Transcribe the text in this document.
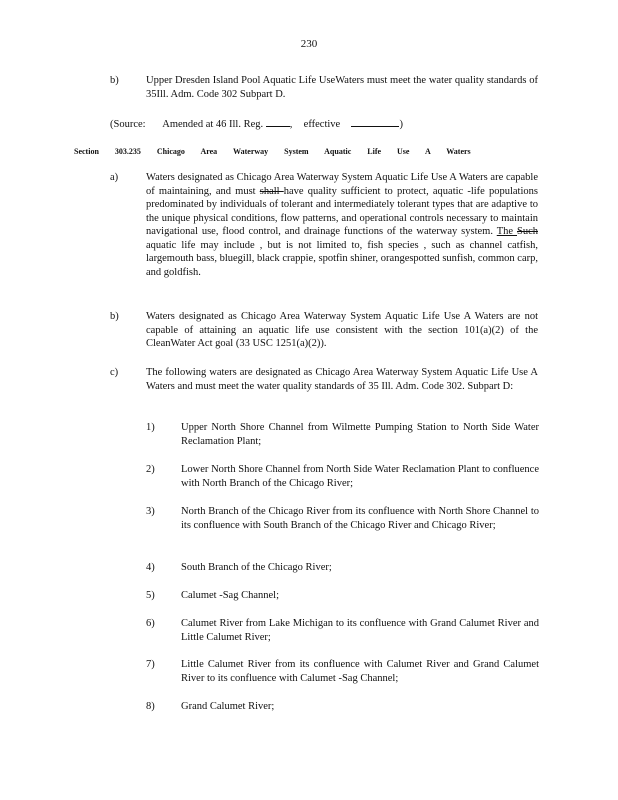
230
b)	Upper Dresden Island Pool Aquatic Life UseWaters must meet the water quality standards of 35Ill. Adm. Code 302 Subpart D.
(Source: Amended at 46 Ill. Reg.	, effective	)
Section 303.235 Chicago Area Waterway System Aquatic Life Use A Waters
a)	Waters designated as Chicago Area Waterway System Aquatic Life Use A Waters are capable of maintaining, and must shall have quality sufficient to protect, aquatic -life populations predominated by individuals of tolerant and intermediately tolerant types that are adaptive to the unique physical conditions, flow patterns, and operational controls necessary to maintain navigational use, flood control, and drainage functions of the waterway system. The Such aquatic life may include , but is not limited to, fish species , such as channel catfish, largemouth bass, bluegill, black crappie, spotfin shiner, orangespotted sunfish, common carp, and goldfish.
b)	Waters designated as Chicago Area Waterway System Aquatic Life Use A Waters are not capable of attaining an aquatic life use consistent with the section 101(a)(2) of the CleanWater Act goal (33 USC 1251(a)(2)).
c)	The following waters are designated as Chicago Area Waterway System Aquatic Life Use A Waters and must meet the water quality standards of 35 Ill. Adm. Code 302. Subpart D:
1)	Upper North Shore Channel from Wilmette Pumping Station to North Side Water Reclamation Plant;
2)	Lower North Shore Channel from North Side Water Reclamation Plant to confluence with North Branch of the Chicago River;
3)	North Branch of the Chicago River from its confluence with North Shore Channel to its confluence with South Branch of the Chicago River and Chicago River;
4)	South Branch of the Chicago River;
5)	Calumet -Sag Channel;
6)	Calumet River from Lake Michigan to its confluence with Grand Calumet River and Little Calumet River;
7)	Little Calumet River from its confluence with Calumet River and Grand Calumet River to its confluence with Calumet -Sag Channel;
8)	Grand Calumet River;
